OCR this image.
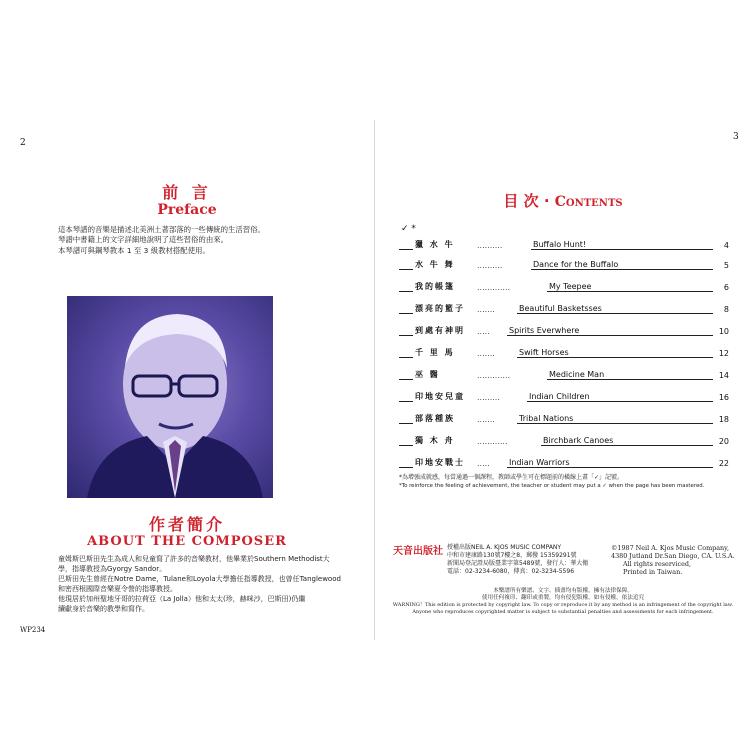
2
前 言
Preface
這本琴譜的音樂是描述北美洲土著部落的一些傳統的生活習俗。
琴譜中書籍上的文字詳細地說明了這些習俗的由來。
本琴譜可與鋼琴教本 1 至 3 級教材搭配使用。
作者簡介
ABOUT THE COMPOSER
童姆斯巴斯田先生為成人和兒童寫了許多的音樂教材，他畢業於Southern Methodist大
學，指導教授為Gyorgy Sandor。
巴斯田先生曾經在Notre Dame，Tulane和Loyola大學擔任指導教授，也曾任Tanglewood
和密西根國際音樂夏令營的指導教授。
他現居於加州聖地牙哥的拉荷亞（La Jolla）他和太太(珍，赫咪沙，巴斯田)仍繼
續獻身於音樂的教學和寫作。
WP234
3
目 次 · Contents
✓ *
獵 水 牛	..........	Buffalo Hunt!	4
水 牛 舞	..........	Dance for the Buffalo	5
我的帳篷	.............	My Teepee	6
漂亮的籃子	.......	Beautiful Basketsses	8
到處有神明	.....	Spirits Everwhere	10
千 里 馬	.......	Swift Horses	12
巫 醫	.............	Medicine Man	14
印地安兒童	.........	Indian Children	16
部落種族	.......	Tribal Nations	18
獨 木 舟	............	Birchbark Canoes	20
印地安戰士	.....	Indian Warriors	22
*為增強成就感，每當通過一個課程，教師或學生可在標題前的橫線上畫「✓」記號。
*To reinforce the feeling of achievement, the teacher or student may put a ✓ when the page has been mastered.
天音出版社 授權出版NEIL A. KJOS MUSIC COMPANY
中和市建康路130號7樓之8，郵撥 15359291號
新聞局登記證局版臺業字第5489號，發行人：華大衛
電話：02-3234-6080，傳真：02-3234-5596
©1987 Neil A. Kjos Music Company,
4380 Jutland Dr.San Diego, CA. U.S.A.
All rights reserviced,
Printed in Taiwan.
本樂譜所有樂譜、文字、插畫均有版權，擁有法律保障。
使用任何複印、翻印或重製，均有侵犯版權，如有侵權，依法追究
WARNING！This edition is protected by copyright law. To copy or reproduce it by any method is an infringement of the copyright law.
Anyone who reproduces copyrighted matter is subject to substantial penalties and assessments for each infringement.
